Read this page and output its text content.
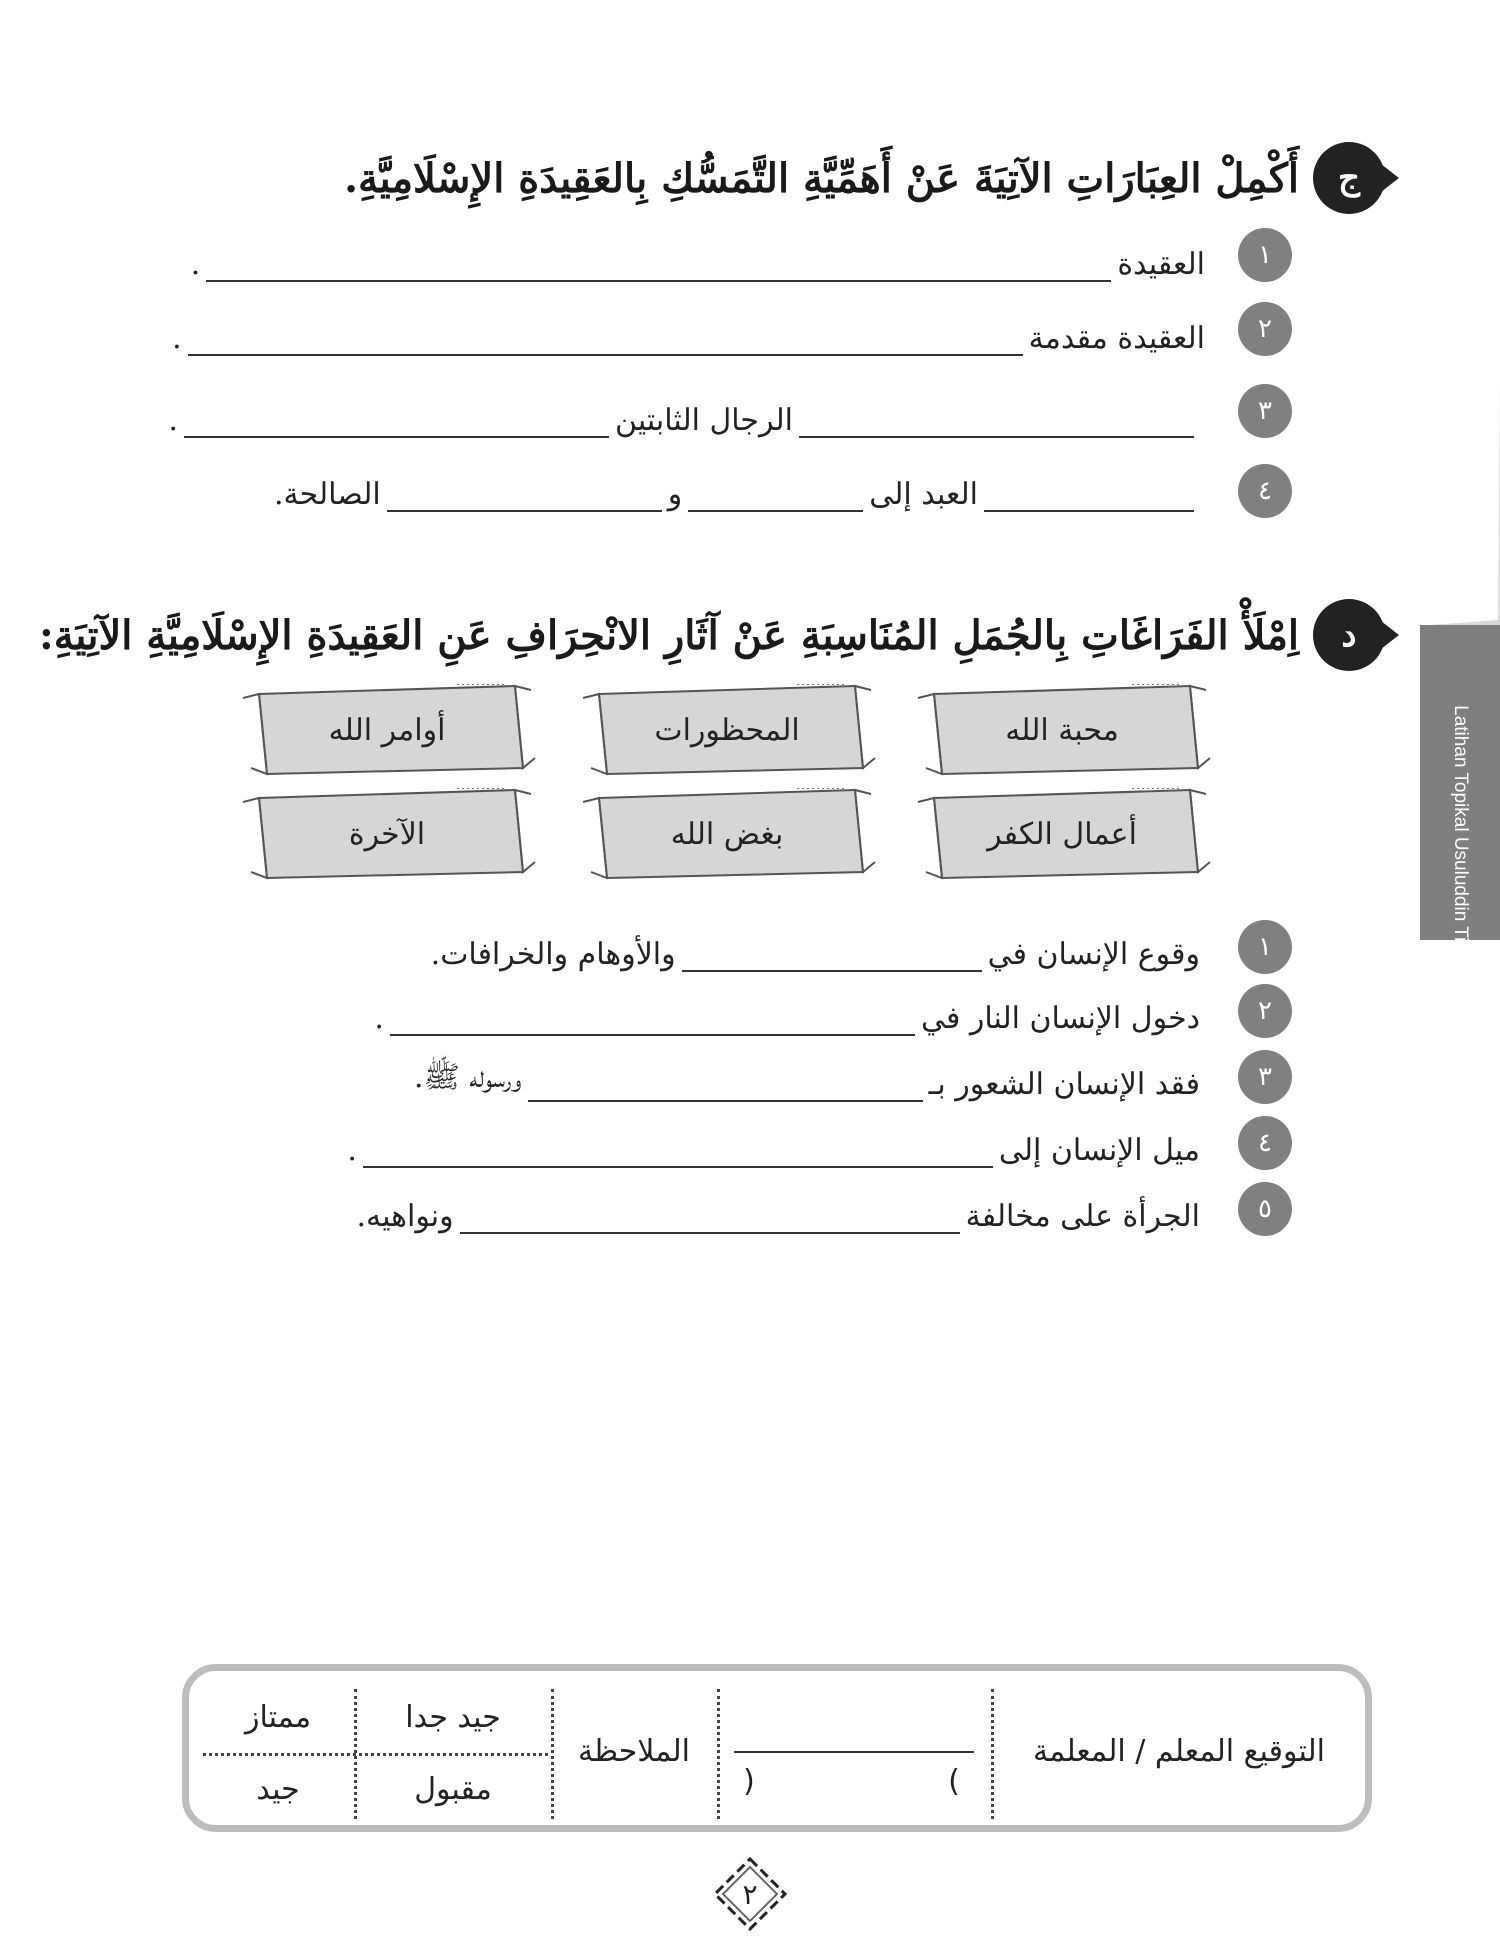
ج
أَكْمِلْ العِبَارَاتِ الآتِيَةَ عَنْ أَهَمِّيَّةِ التَّمَسُّكِ بِالعَقِيدَةِ الإِسْلَامِيَّةِ.
١
العقيدة
.
٢
العقيدة مقدمة
.
٣
الرجال الثابتين
.
٤
العبد إلى
و
الصالحة.
د
اِمْلَأْ الفَرَاغَاتِ بِالجُمَلِ المُنَاسِبَةِ عَنْ آثَارِ الانْحِرَافِ عَنِ العَقِيدَةِ الإِسْلَامِيَّةِ الآتِيَةِ:
محبة الله
المحظورات
أوامر الله
أعمال الكفر
بغض الله
الآخرة
١
وقوع الإنسان في
والأوهام والخرافات.
٢
دخول الإنسان النار في
.
٣
فقد الإنسان الشعور بـ
ورسوله ﷺ.
٤
ميل الإنسان إلى
.
٥
الجرأة على مخالفة
ونواهيه.
Latihan Topikal Usuluddin Tingkatan 1
التوقيع المعلم / المعلمة
(	)
الملاحظة
جيد جدا
مقبول
ممتاز
جيد
٢
